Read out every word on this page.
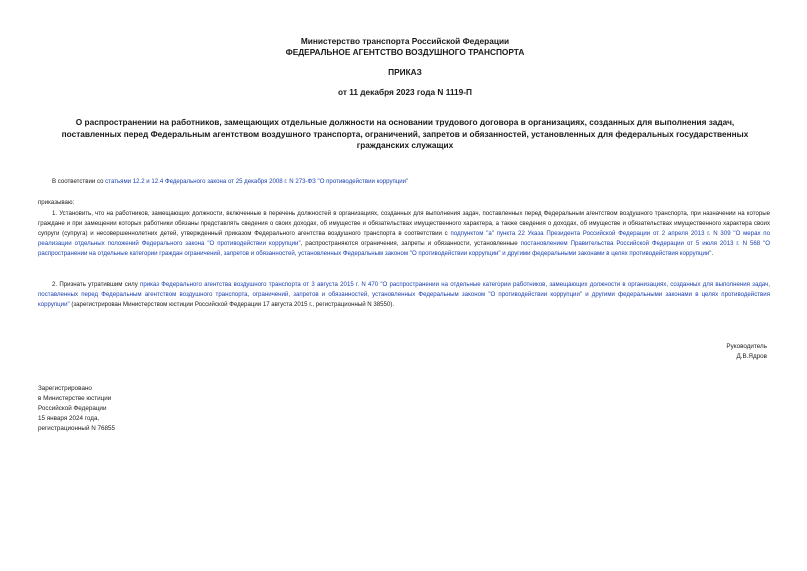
Министерство транспорта Российской Федерации
ФЕДЕРАЛЬНОЕ АГЕНТСТВО ВОЗДУШНОГО ТРАНСПОРТА
ПРИКАЗ
от 11 декабря 2023 года N 1119-П
О распространении на работников, замещающих отдельные должности на основании трудового договора в организациях, созданных для выполнения задач, поставленных перед Федеральным агентством воздушного транспорта, ограничений, запретов и обязанностей, установленных для федеральных государственных гражданских служащих
В соответствии со статьями 12.2 и 12.4 Федерального закона от 25 декабря 2008 г. N 273-ФЗ "О противодействии коррупции"
приказываю:
1. Установить, что на работников, замещающих должности, включенные в перечень должностей в организациях, созданных для выполнения задач, поставленных перед Федеральным агентством воздушного транспорта, при назначении на которые граждане и при замещении которых работники обязаны представлять сведения о своих доходах, об имуществе и обязательствах имущественного характера, а также сведения о доходах, об имуществе и обязательствах имущественного характера своих супруги (супруга) и несовершеннолетних детей, утвержденный приказом Федерального агентства воздушного транспорта в соответствии с подпунктом "а" пункта 22 Указа Президента Российской Федерации от 2 апреля 2013 г. N 309 "О мерах по реализации отдельных положений Федерального закона "О противодействии коррупции", распространяются ограничения, запреты и обязанности, установленные постановлением Правительства Российской Федерации от 5 июля 2013 г. N 568 "О распространении на отдельные категории граждан ограничений, запретов и обязанностей, установленных Федеральным законом "О противодействии коррупции" и другими федеральными законами в целях противодействия коррупции".
2. Признать утратившим силу приказ Федерального агентства воздушного транспорта от 3 августа 2015 г. N 470 "О распространении на отдельные категории работников, замещающих должности в организациях, созданных для выполнения задач, поставленных перед Федеральным агентством воздушного транспорта, ограничений, запретов и обязанностей, установленных Федеральным законом "О противодействии коррупции" и другими федеральными законами в целях противодействия коррупции" (зарегистрирован Министерством юстиции Российской Федерации 17 августа 2015 г., регистрационный N 38550).
Руководитель
Д.В.Ядров
Зарегистрировано
в Министерстве юстиции
Российской Федерации
15 января 2024 года,
регистрационный N 76855
